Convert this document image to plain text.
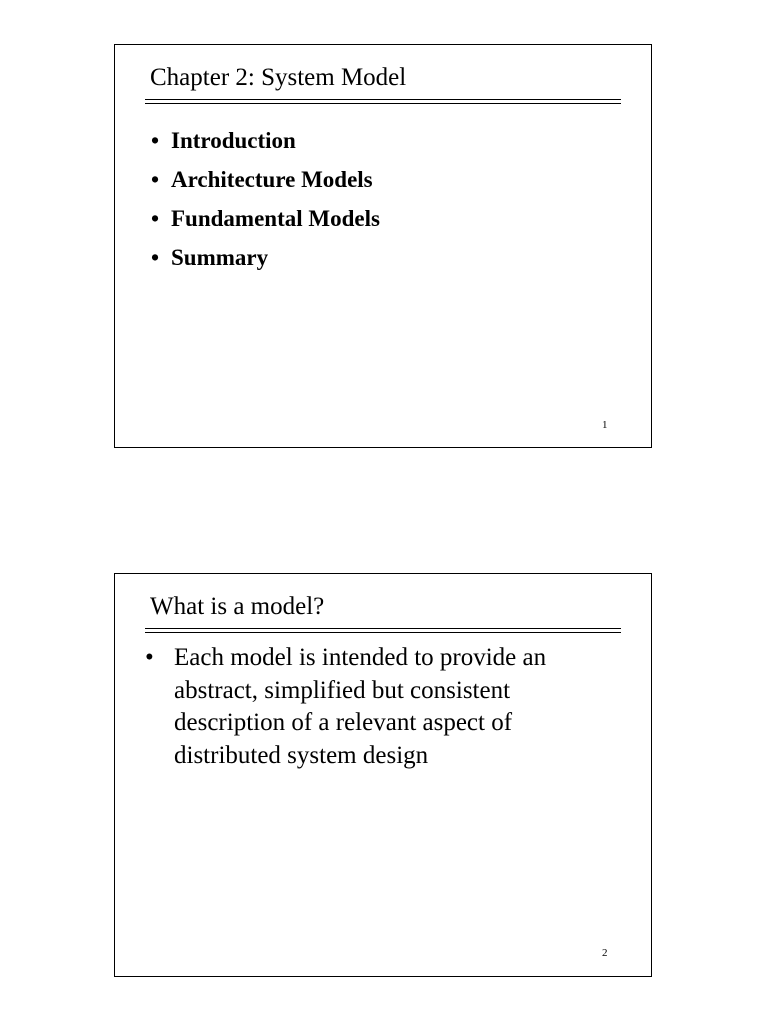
Chapter 2: System Model
• Introduction
• Architecture Models
• Fundamental Models
• Summary
1
What is a model?
• Each model is intended to provide an abstract, simplified but consistent description of a relevant aspect of distributed system design
2
